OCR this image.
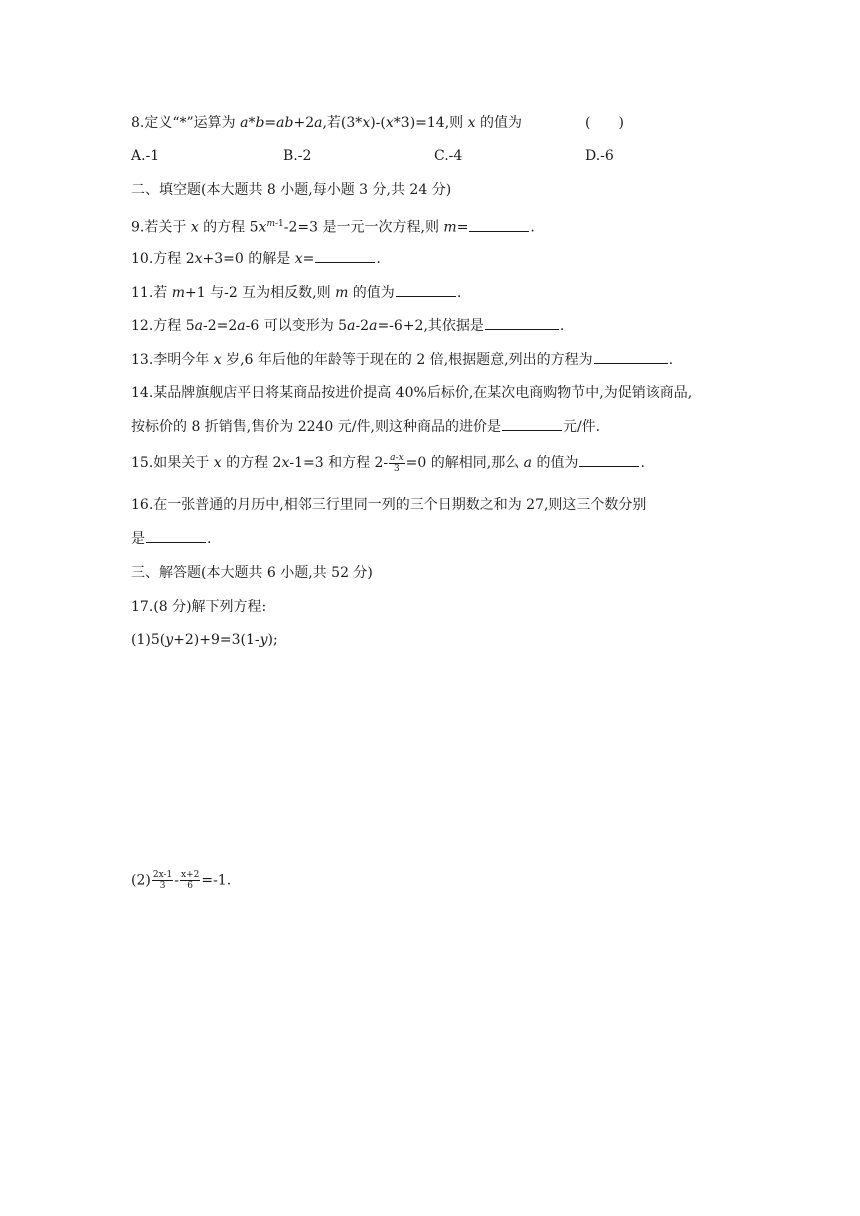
8.定义“*”运算为 a*b=ab+2a,若(3*x)-(x*3)=14,则 x 的值为	(　　)
A.-1	B.-2	C.-4	D.-6
二、填空题(本大题共 8 小题,每小题 3 分,共 24 分)
9.若关于 x 的方程 $5x^{m-1}-2=3$ 是一元一次方程,则 m=	.
10.方程 2x+3=0 的解是 x=	.
11.若 m+1 与-2 互为相反数,则 m 的值为	.
12.方程 5a-2=2a-6 可以变形为 5a-2a=-6+2,其依据是	.
13.李明今年 x 岁,6 年后他的年龄等于现在的 2 倍,根据题意,列出的方程为	.
14.某品牌旗舰店平日将某商品按进价提高 40%后标价,在某次电商购物节中,为促销该商品,
按标价的 8 折销售,售价为 2240 元/件,则这种商品的进价是	元/件.
15.如果关于 x 的方程 2x-1=3 和方程 $2- \frac{a-x}{3} =0$ 的解相同,那么 a 的值为	.
16.在一张普通的月历中,相邻三行里同一列的三个日期数之和为 27,则这三个数分别
是	.
三、解答题(本大题共 6 小题,共 52 分)
17.(8 分)解下列方程:
(1)5(y+2)+9=3(1-y);
$(2) \frac{2x-1}{3} - \frac{x+2}{6} =-1$.
